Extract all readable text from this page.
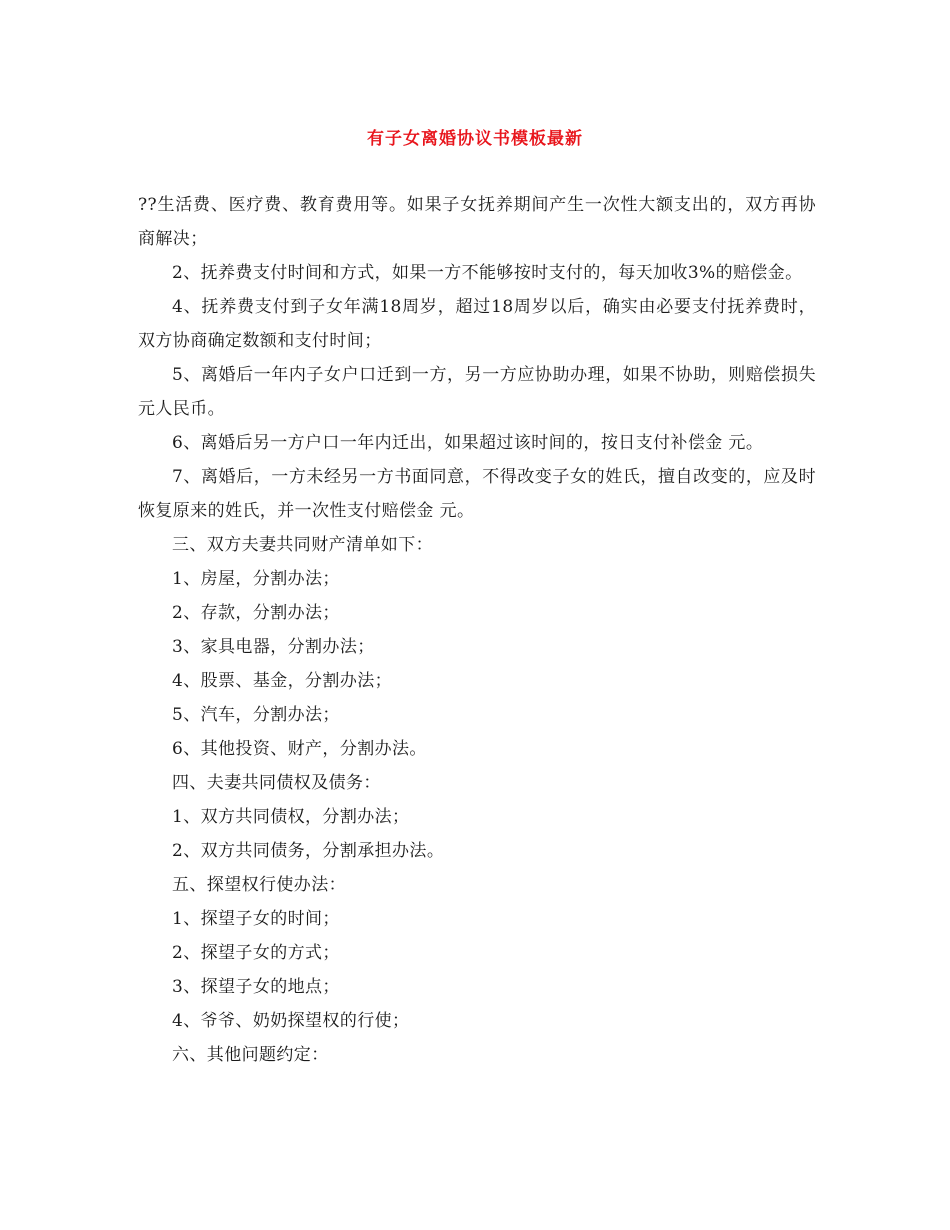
有子女离婚协议书模板最新

??生活费、医疗费、教育费用等。如果子女抚养期间产生一次性大额支出的，双方再协商解决；

2、抚养费支付时间和方式，如果一方不能够按时支付的，每天加收3%的赔偿金。

4、抚养费支付到子女年满18周岁，超过18周岁以后，确实由必要支付抚养费时，双方协商确定数额和支付时间；

5、离婚后一年内子女户口迁到一方，另一方应协助办理，如果不协助，则赔偿损失 元人民币。

6、离婚后另一方户口一年内迁出，如果超过该时间的，按日支付补偿金 元。

7、离婚后，一方未经另一方书面同意，不得改变子女的姓氏，擅自改变的，应及时恢复原来的姓氏，并一次性支付赔偿金 元。

三、双方夫妻共同财产清单如下：

1、房屋，分割办法；

2、存款，分割办法；

3、家具电器，分割办法；

4、股票、基金，分割办法；

5、汽车，分割办法；

6、其他投资、财产，分割办法。

四、夫妻共同债权及债务：

1、双方共同债权，分割办法；

2、双方共同债务，分割承担办法。

五、探望权行使办法：

1、探望子女的时间；

2、探望子女的方式；

3、探望子女的地点；

4、爷爷、奶奶探望权的行使；

六、其他问题约定：
